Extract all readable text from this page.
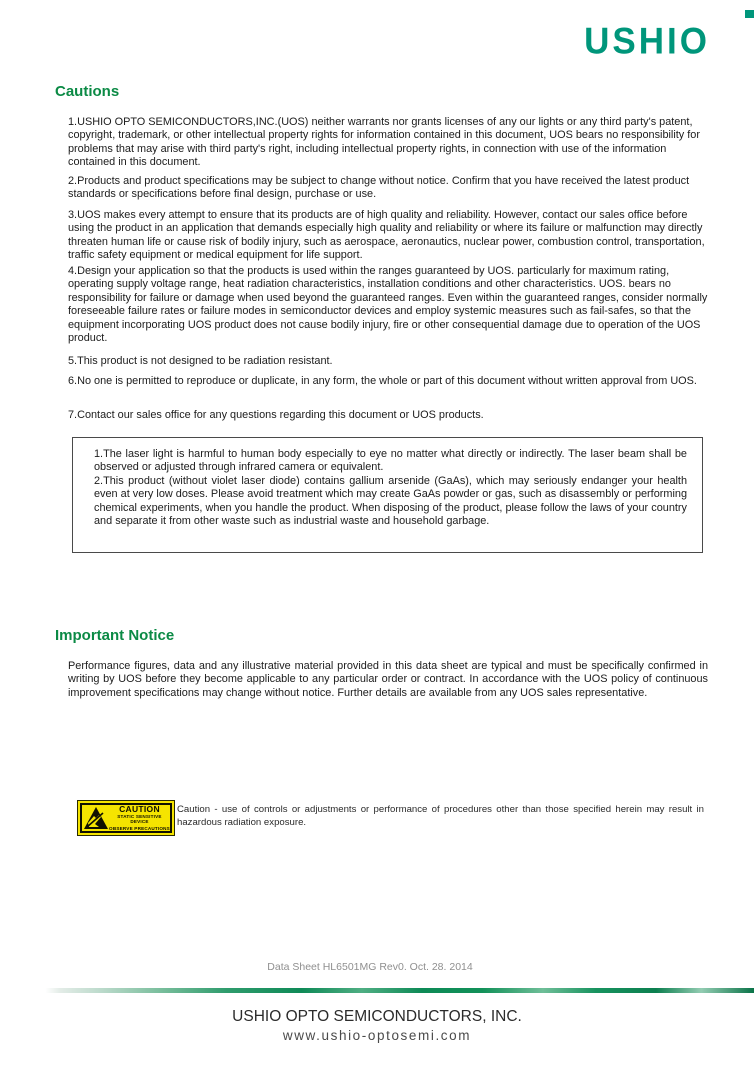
USHIO
Cautions
1.USHIO OPTO SEMICONDUCTORS,INC.(UOS) neither warrants nor grants licenses of any our lights or any third party's patent, copyright, trademark, or other intellectual property rights for information contained in this document, UOS bears no responsibility for problems that may arise with third party's right, including intellectual property rights, in connection with use of the information contained in this document.
2.Products and product specifications may be subject to change without notice. Confirm that you have received the latest product standards or specifications before final design, purchase or use.
3.UOS makes every attempt to ensure that its products are of high quality and reliability. However, contact our sales office before using the product in an application that demands especially high quality and reliability or where its failure or malfunction may directly threaten human life or cause risk of bodily injury, such as aerospace, aeronautics, nuclear power, combustion control, transportation, traffic safety equipment or medical equipment for life support.
4.Design your application so that the products is used within the ranges guaranteed by UOS. particularly for maximum rating, operating supply voltage range, heat radiation characteristics, installation conditions and other characteristics. UOS. bears no responsibility for failure or damage when used beyond the guaranteed ranges. Even within the guaranteed ranges, consider normally foreseeable failure rates or failure modes in semiconductor devices and employ systemic measures such as fail-safes, so that the equipment incorporating UOS product does not cause bodily injury, fire or other consequential damage due to operation of the UOS product.
5.This product is not designed to be radiation resistant.
6.No one is permitted to reproduce or duplicate, in any form, the whole or part of this document without written approval from UOS.
7.Contact our sales office for any questions regarding this document or UOS products.
1.The laser light is harmful to human body especially to eye no matter what directly or indirectly. The laser beam shall be observed or adjusted through infrared camera or equivalent.
2.This product (without violet laser diode) contains gallium arsenide (GaAs), which may seriously endanger your health even at very low doses. Please avoid treatment which may create GaAs powder or gas, such as disassembly or performing chemical experiments, when you handle the product. When disposing of the product, please follow the laws of your country and separate it from other waste such as industrial waste and household garbage.
Important Notice
Performance figures, data and any illustrative material provided in this data sheet are typical and must be specifically confirmed in writing by UOS before they become applicable to any particular order or contract. In accordance with the UOS policy of continuous improvement specifications may change without notice. Further details are available from any UOS sales representative.
CAUTION
STATIC SENSITIVE DEVICE
OBSERVE PRECAUTIONS
Caution - use of controls or adjustments or performance of procedures other than those specified herein may result in hazardous radiation exposure.
Data Sheet HL6501MG Rev0. Oct. 28. 2014
USHIO OPTO SEMICONDUCTORS, INC.
www.ushio-optosemi.com
